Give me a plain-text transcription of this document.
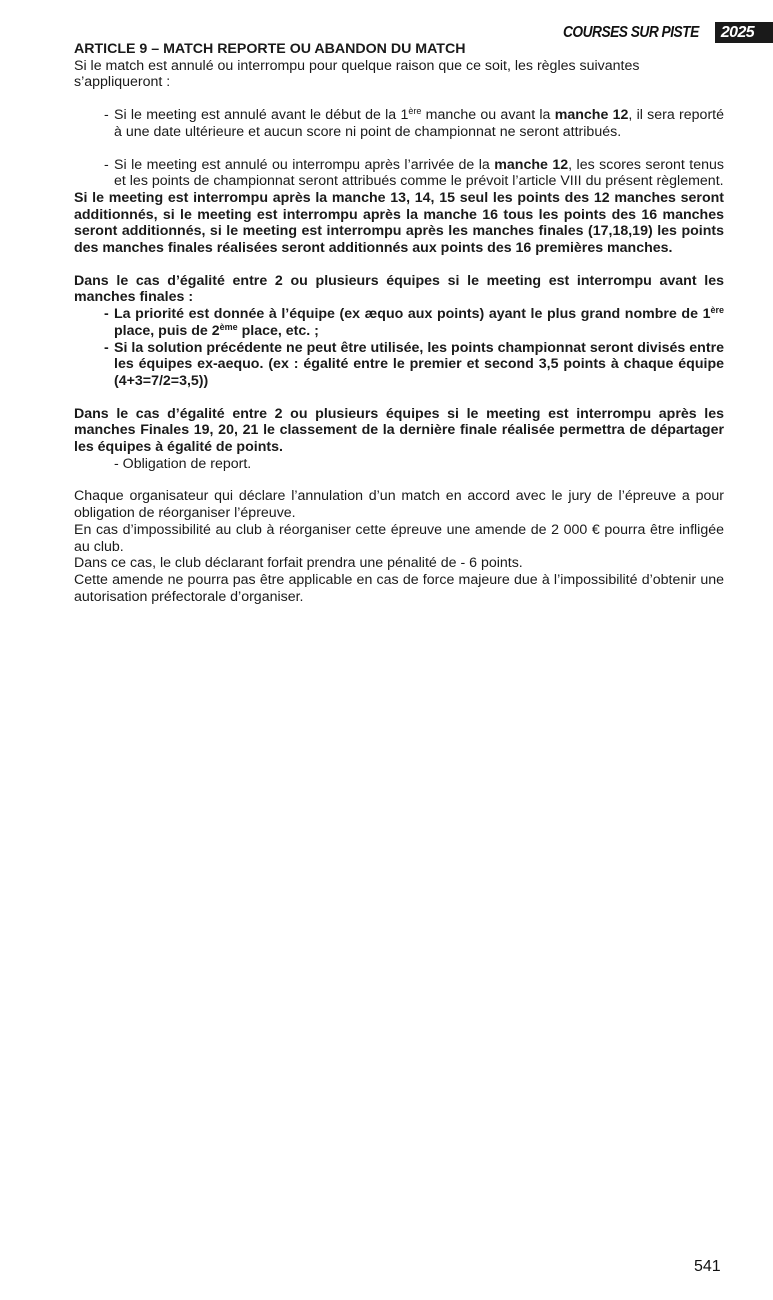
COURSES SUR PISTE	2025

ARTICLE 9 – MATCH REPORTE OU ABANDON DU MATCH

Si le match est annulé ou interrompu pour quelque raison que ce soit, les règles suivantes s’appliqueront :

- Si le meeting est annulé avant le début de la 1ère manche ou avant la manche 12, il sera reporté à une date ultérieure et aucun score ni point de championnat ne seront attribués.
- Si le meeting est annulé ou interrompu après l’arrivée de la manche 12, les scores seront tenus et les points de championnat seront attribués comme le prévoit l’article VIII du présent règlement.

Si le meeting est interrompu après la manche 13, 14, 15 seul les points des 12 manches seront additionnés, si le meeting est interrompu après la manche 16 tous les points des 16 manches seront additionnés, si le meeting est interrompu après les manches finales (17,18,19) les points des manches finales réalisées seront additionnés aux points des 16 premières manches.

Dans le cas d’égalité entre 2 ou plusieurs équipes si le meeting est interrompu avant les manches finales :

- La priorité est donnée à l’équipe (ex æquo aux points) ayant le plus grand nombre de 1ère place, puis de 2ème place, etc. ;
- Si la solution précédente ne peut être utilisée, les points championnat seront divisés entre les équipes ex-aequo. (ex : égalité entre le premier et second 3,5 points à chaque équipe (4+3=7/2=3,5))

Dans le cas d’égalité entre 2 ou plusieurs équipes si le meeting est interrompu après les manches Finales 19, 20, 21 le classement de la dernière finale réalisée permettra de départager les équipes à égalité de points.

- Obligation de report.

Chaque organisateur qui déclare l’annulation d’un match en accord avec le jury de l’épreuve a pour obligation de réorganiser l’épreuve.

En cas d’impossibilité au club à réorganiser cette épreuve une amende de 2 000 € pourra être infligée au club.

Dans ce cas, le club déclarant forfait prendra une pénalité de - 6 points.

Cette amende ne pourra pas être applicable en cas de force majeure due à l’impossibilité d’obtenir une autorisation préfectorale d’organiser.

541
